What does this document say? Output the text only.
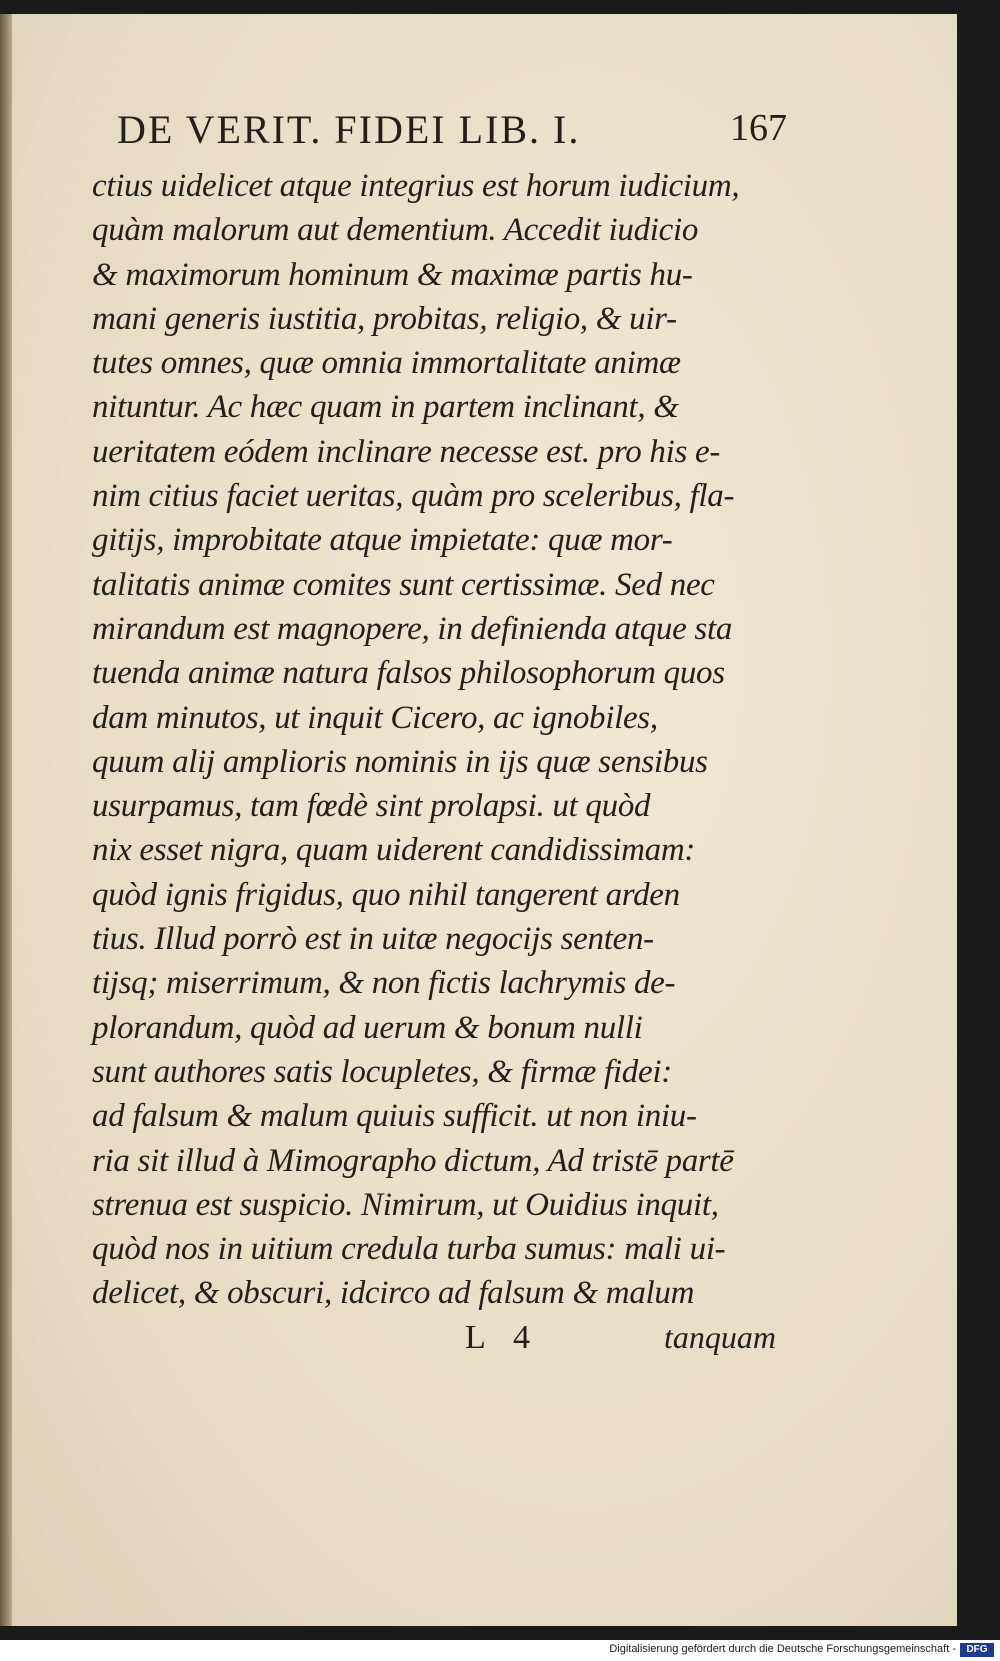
DE VERIT. FIDEI LIB. I.	167
ctius uidelicet atque integrius est horum iudicium,
quàm malorum aut dementium. Accedit iudicio
& maximorum hominum & maximæ partis hu-
mani generis iustitia, probitas, religio, & uir-
tutes omnes, quæ omnia immortalitate animæ
nituntur. Ac hæc quam in partem inclinant, &
ueritatem eódem inclinare necesse est. pro his e-
nim citius faciet ueritas, quàm pro sceleribus, fla-
gitijs, improbitate atque impietate: quæ mor-
talitatis animæ comites sunt certissimæ. Sed nec
mirandum est magnopere, in definienda atque sta
tuenda animæ natura falsos philosophorum quos
dam minutos, ut inquit Cicero, ac ignobiles,
quum alij amplioris nominis in ijs quæ sensibus
usurpamus, tam fœdè sint prolapsi. ut quòd
nix esset nigra, quam uiderent candidissimam:
quòd ignis frigidus, quo nihil tangerent arden
tius. Illud porrò est in uitæ negocijs senten-
tijsq; miserrimum, & non fictis lachrymis de-
plorandum, quòd ad uerum & bonum nulli
sunt authores satis locupletes, & firmæ fidei:
ad falsum & malum quiuis sufficit. ut non iniu-
ria sit illud à Mimographo dictum, Ad tristē partē
strenua est suspicio. Nimirum, ut Ouidius inquit,
quòd nos in uitium credula turba sumus: mali ui-
delicet, & obscuri, idcirco ad falsum & malum
L 4	tanquam
Digitalisierung gefördert durch die Deutsche Forschungsgemeinschaft -	DFG
